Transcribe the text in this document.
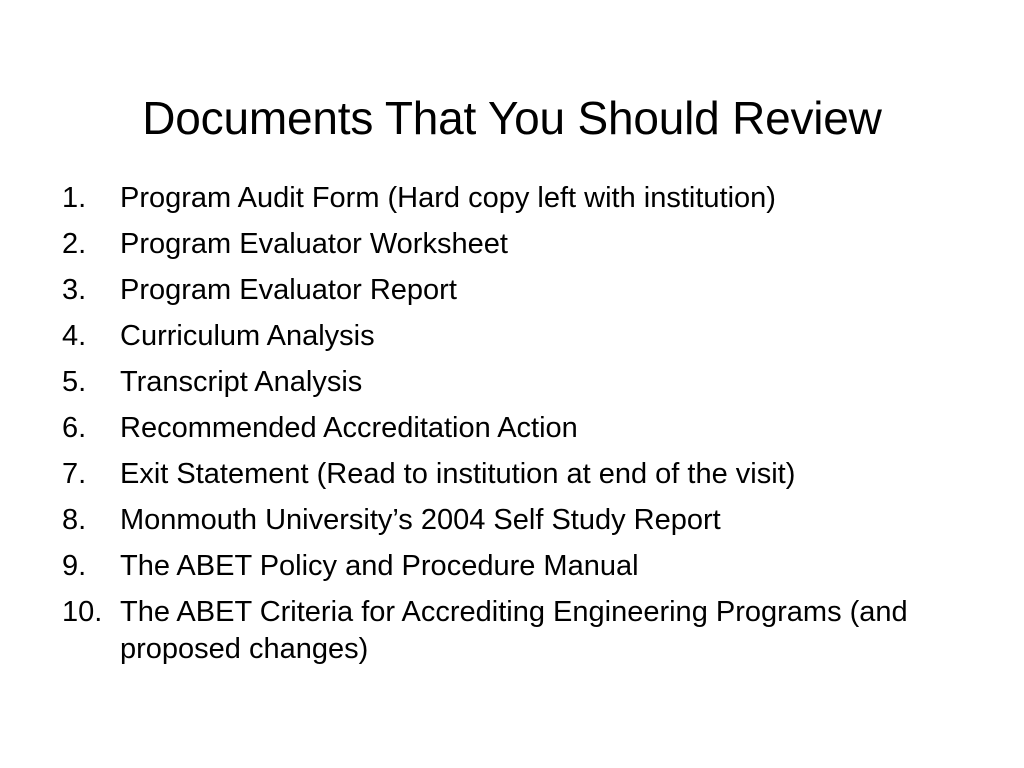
Documents That You Should Review
1.	Program Audit Form (Hard copy left with institution)
2.	Program Evaluator Worksheet
3.	Program Evaluator Report
4.	Curriculum Analysis
5.	Transcript Analysis
6.	Recommended Accreditation Action
7.	Exit Statement (Read to institution at end of the visit)
8.	Monmouth University’s 2004 Self Study Report
9.	The ABET Policy and Procedure Manual
10. The ABET Criteria for Accrediting Engineering Programs (and proposed changes)
